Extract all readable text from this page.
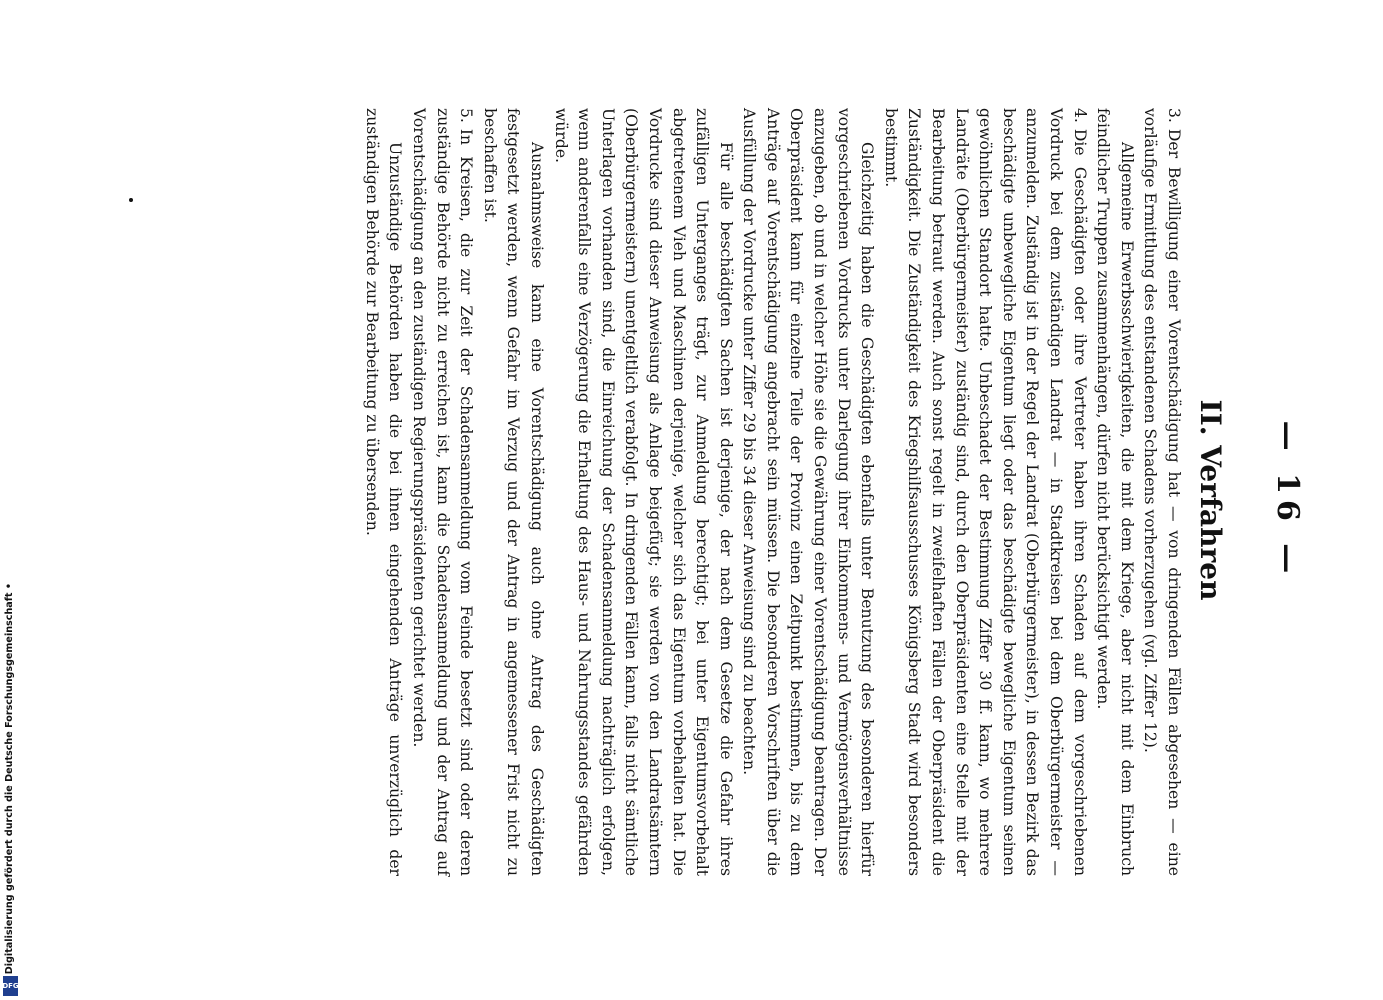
— 16 —
II. Verfahren

3.Der Bewilligung einer Vorentschädigung hat — von dringenden Fällen abgesehen — eine vorläufige Ermittlung des entstandenen Schadens vorherzugehen (vgl. Ziffer 12).

Allgemeine Erwerbsschwierigkeiten, die mit dem Kriege, aber nicht mit dem Einbruch feindlicher Truppen zusammenhängen, dürfen nicht berücksichtigt werden.

4.Die Geschädigten oder ihre Vertreter haben ihren Schaden auf dem vorgeschriebenen Vordruck bei dem zuständigen Landrat — in Stadtkreisen bei dem Oberbürgermeister — anzumelden. Zuständig ist in der Regel der Landrat (Oberbürgermeister), in dessen Bezirk das beschädigte unbewegliche Eigentum liegt oder das beschädigte bewegliche Eigentum seinen gewöhnlichen Standort hatte. Unbeschadet der Bestimmung Ziffer 30 ff. kann, wo mehrere Landräte (Oberbürgermeister) zuständig sind, durch den Oberpräsidenten eine Stelle mit der Bearbeitung betraut werden. Auch sonst regelt in zweifelhaften Fällen der Oberpräsident die Zuständigkeit. Die Zuständigkeit des Kriegshilfsausschusses Königsberg Stadt wird besonders bestimmt.

Gleichzeitig haben die Geschädigten ebenfalls unter Benutzung des besonderen hierfür vorgeschriebenen Vordrucks unter Darlegung ihrer Einkommens- und Vermögensverhältnisse anzugeben, ob und in welcher Höhe sie die Gewährung einer Vorentschädigung beantragen. Der Oberpräsident kann für einzelne Teile der Provinz einen Zeitpunkt bestimmen, bis zu dem Anträge auf Vorentschädigung angebracht sein müssen. Die besonderen Vorschriften über die Ausfüllung der Vordrucke unter Ziffer 29 bis 34 dieser Anweisung sind zu beachten.

Für alle beschädigten Sachen ist derjenige, der nach dem Gesetze die Gefahr ihres zufälligen Unterganges trägt, zur Anmeldung berechtigt; bei unter Eigentumsvorbehalt abgetretenem Vieh und Maschinen derjenige, welcher sich das Eigentum vorbehalten hat. Die Vordrucke sind dieser Anweisung als Anlage beigefügt; sie werden von den Landratsämtern (Oberbürgermeistern) unentgeltlich verabfolgt. In dringenden Fällen kann, falls nicht sämtliche Unterlagen vorhanden sind, die Einreichung der Schadensanmeldung nachträglich erfolgen, wenn anderenfalls eine Verzögerung die Erhaltung des Haus- und Nahrungsstandes gefährden würde.

Ausnahmsweise kann eine Vorentschädigung auch ohne Antrag des Geschädigten festgesetzt werden, wenn Gefahr im Verzug und der Antrag in angemessener Frist nicht zu beschaffen ist.

5.In Kreisen, die zur Zeit der Schadensanmeldung vom Feinde besetzt sind oder deren zuständige Behörde nicht zu erreichen ist, kann die Schadensanmeldung und der Antrag auf Vorentschädigung an den zuständigen Regierungspräsidenten gerichtet werden.

Unzuständige Behörden haben die bei ihnen eingehenden Anträge unverzüglich der zuständigen Behörde zur Bearbeitung zu übersenden.

Digitalisierung gefördert durch die Deutsche Forschungsgemeinschaft •
DFG
